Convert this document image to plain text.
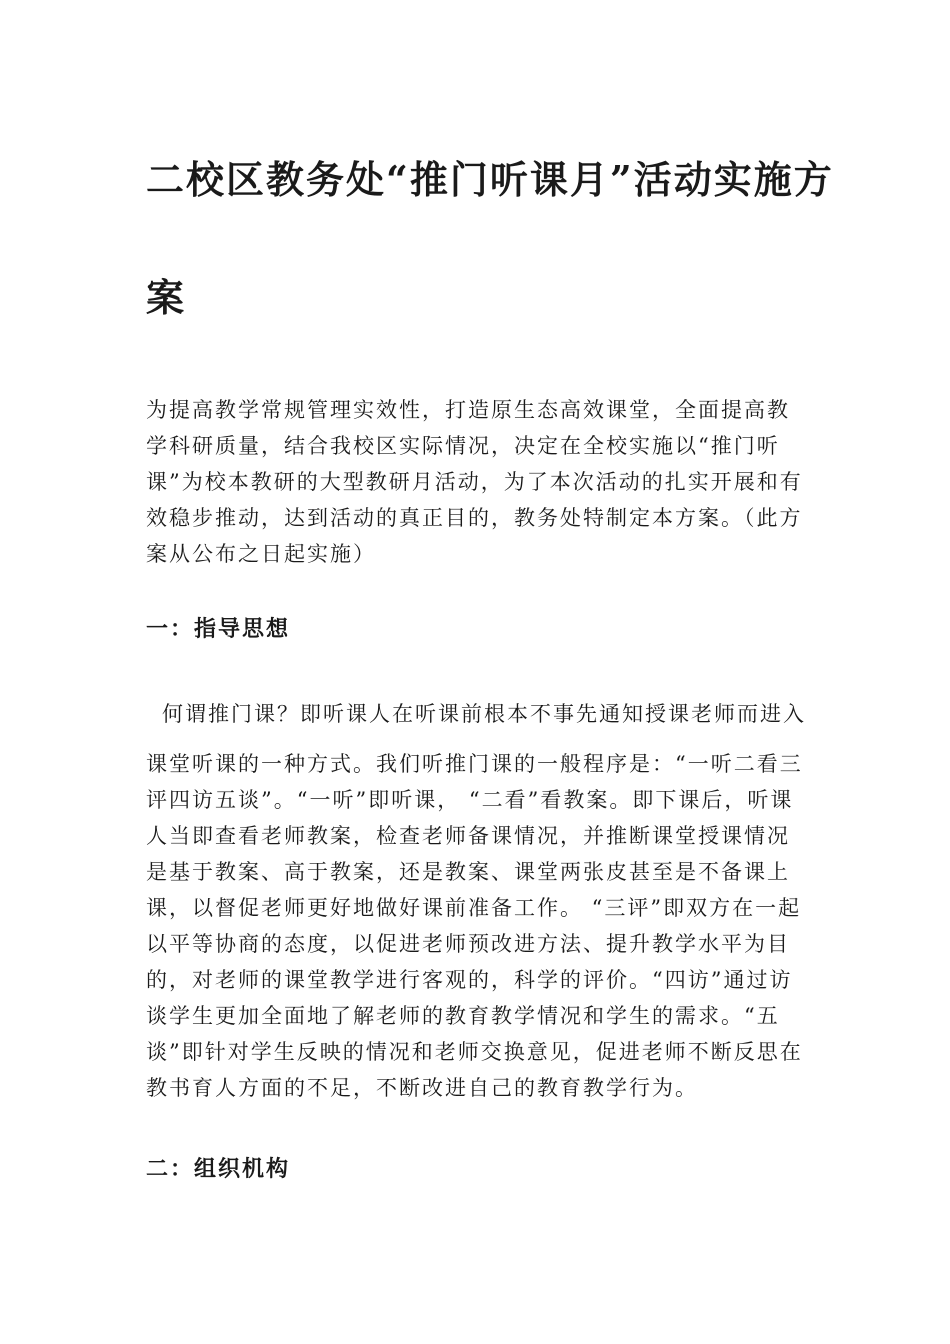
二校区教务处“推门听课月”活动实施方
案

为提高教学常规管理实效性，打造原生态高效课堂，全面提高教学科研质量，结合我校区实际情况，决定在全校实施以“推门听课”为校本教研的大型教研月活动，为了本次活动的扎实开展和有效稳步推动，达到活动的真正目的，教务处特制定本方案。（此方案从公布之日起实施）

一：指导思想
何谓推门课？即听课人在听课前根本不事先通知授课老师而进入

课堂听课的一种方式。我们听推门课的一般程序是：“一听二看三评四访五谈”。“一听”即听课， “二看”看教案。即下课后，听课人当即查看老师教案，检查老师备课情况，并推断课堂授课情况是基于教案、高于教案，还是教案、课堂两张皮甚至是不备课上课，以督促老师更好地做好课前准备工作。 “三评”即双方在一起以平等协商的态度，以促进老师预改进方法、提升教学水平为目的，对老师的课堂教学进行客观的，科学的评价。“四访”通过访谈学生更加全面地了解老师的教育教学情况和学生的需求。“五谈”即针对学生反映的情况和老师交换意见，促进老师不断反思在教书育人方面的不足，不断改进自己的教育教学行为。

二：组织机构
